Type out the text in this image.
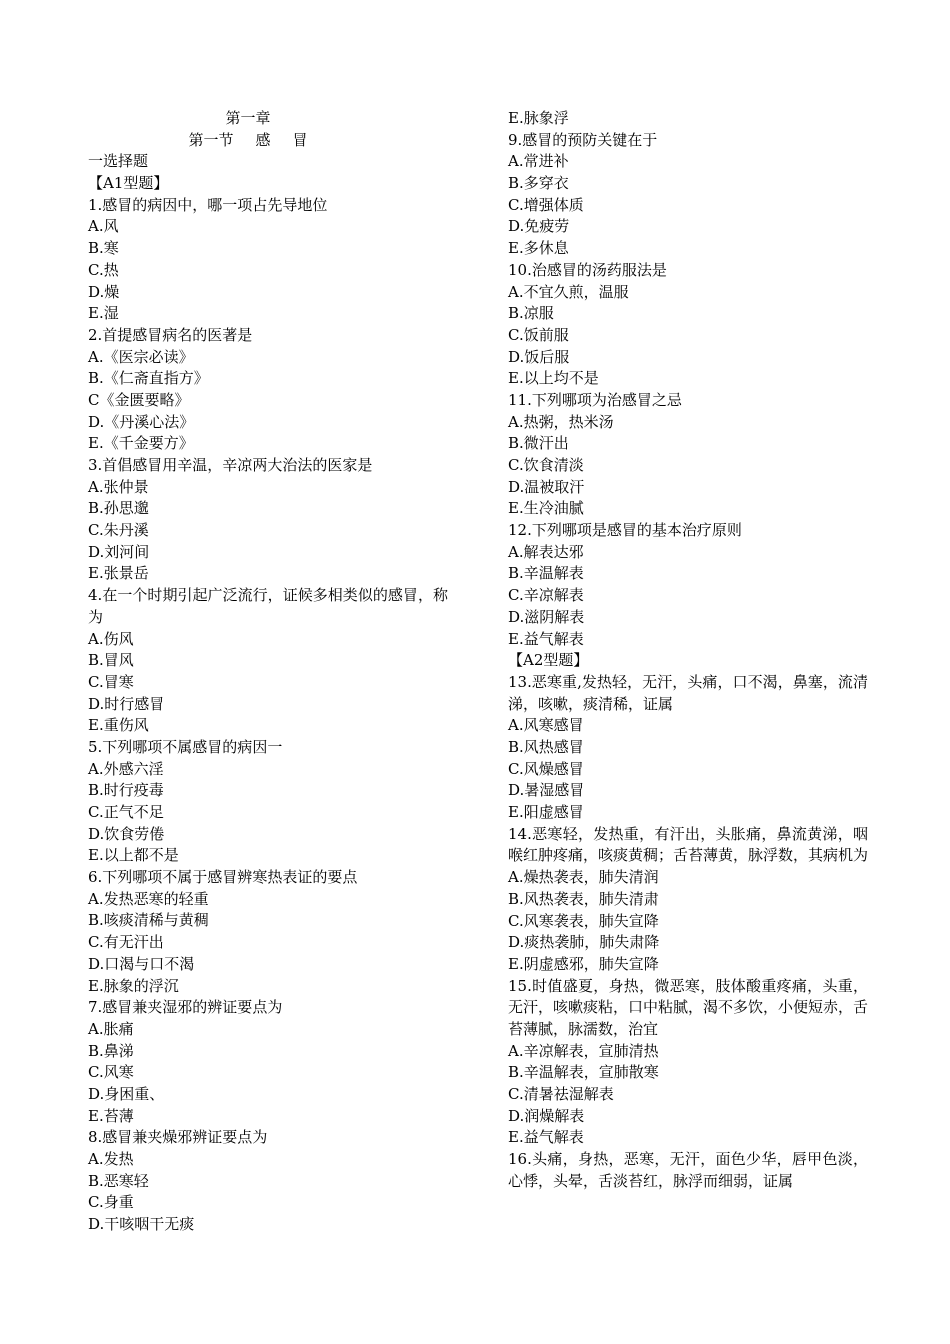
第一章
第一节 感 冒
一选择题
【A1型题】
1.感冒的病因中，哪一项占先导地位
A.风
B.寒
C.热
D.燥
E.湿
2.首提感冒病名的医著是
A.《医宗必读》
B.《仁斋直指方》
C《金匮要略》
D.《丹溪心法》
E.《千金要方》
3.首倡感冒用辛温，辛凉两大治法的医家是
A.张仲景
B.孙思邈
C.朱丹溪
D.刘河间
E.张景岳
4.在一个时期引起广泛流行，证候多相类似的感冒，称为
A.伤风
B.冒风
C.冒寒
D.时行感冒
E.重伤风
5.下列哪项不属感冒的病因一
A.外感六淫
B.时行疫毒
C.正气不足
D.饮食劳倦
E.以上都不是
6.下列哪项不属于感冒辨寒热表证的要点
A.发热恶寒的轻重
B.咳痰清稀与黄稠
C.有无汗出
D.口渴与口不渴
E.脉象的浮沉
7.感冒兼夹湿邪的辨证要点为
A.胀痛
B.鼻涕
C.风寒
D.身困重、
E.苔薄
8.感冒兼夹燥邪辨证要点为
A.发热
B.恶寒轻
C.身重
D.干咳咽干无痰
E.脉象浮
9.感冒的预防关键在于
A.常进补
B.多穿衣
C.增强体质
D.免疲劳
E.多休息
10.治感冒的汤药服法是
A.不宜久煎，温服
B.凉服
C.饭前服
D.饭后服
E.以上均不是
11.下列哪项为治感冒之忌
A.热粥，热米汤
B.微汗出
C.饮食清淡
D.温被取汗
E.生冷油腻
12.下列哪项是感冒的基本治疗原则
A.解表达邪
B.辛温解表
C.辛凉解表
D.滋阴解表
E.益气解表
【A2型题】
13.恶寒重,发热轻，无汗，头痛，口不渴，鼻塞，流清涕，咳嗽，痰清稀，证属
A.风寒感冒
B.风热感冒
C.风燥感冒
D.暑湿感冒
E.阳虚感冒
14.恶寒轻，发热重，有汗出，头胀痛，鼻流黄涕，咽喉红肿疼痛，咳痰黄稠；舌苔薄黄，脉浮数，其病机为
A.燥热袭表，肺失清润
B.风热袭表，肺失清肃
C.风寒袭表，肺失宣降
D.痰热袭肺，肺失肃降
E.阴虚感邪，肺失宣降
15.时值盛夏，身热，微恶寒，肢体酸重疼痛，头重，无汗，咳嗽痰粘，口中粘腻，渴不多饮，小便短赤，舌苔薄腻，脉濡数，治宜
A.辛凉解表，宣肺清热
B.辛温解表，宣肺散寒
C.清暑祛湿解表
D.润燥解表
E.益气解表
16.头痛，身热，恶寒，无汗，面色少华，唇甲色淡，心悸，头晕，舌淡苔红，脉浮而细弱，证属
